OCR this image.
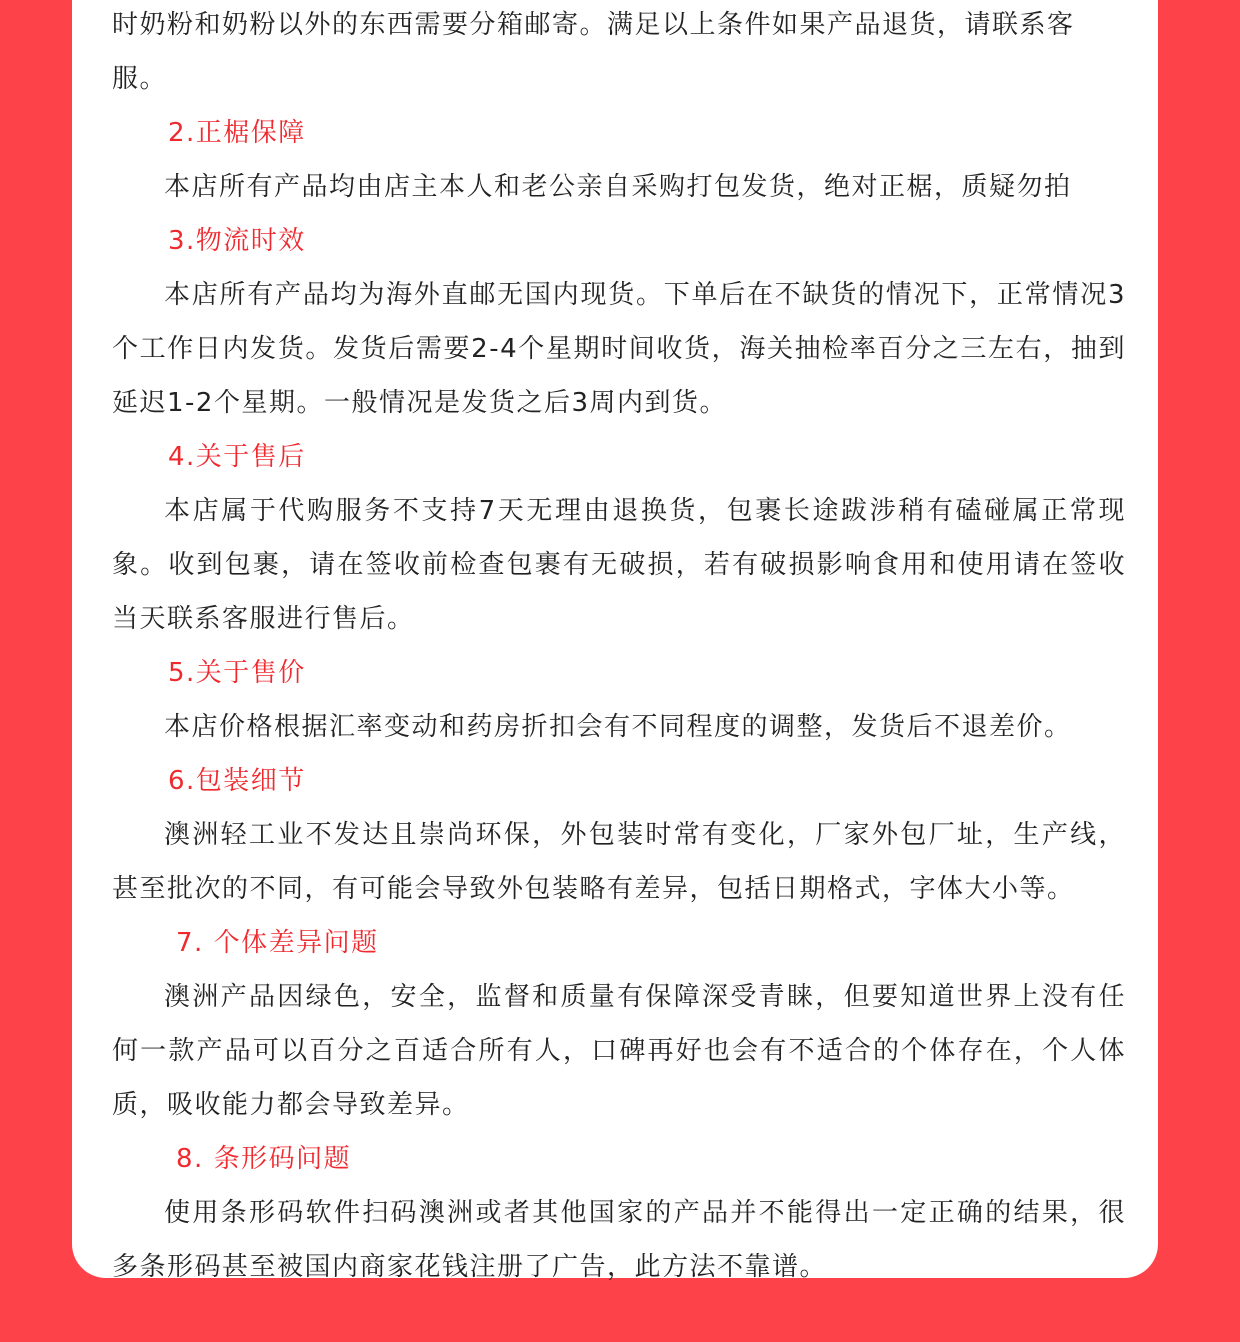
时奶粉和奶粉以外的东西需要分箱邮寄。满足以上条件如果产品退货，请联系客
服。

2.正椐保障

本店所有产品均由店主本人和老公亲自采购打包发货，绝对正椐，质疑勿拍

3.物流时效

本店所有产品均为海外直邮无国内现货。下单后在不缺货的情况下，正常情况3个工作日内发货。发货后需要2-4个星期时间收货，海关抽检率百分之三左右，抽到延迟1-2个星期。一般情况是发货之后3周内到货。

4.关于售后

本店属于代购服务不支持7天无理由退换货，包裹长途跋涉稍有磕碰属正常现象。收到包裹，请在签收前检查包裹有无破损，若有破损影响食用和使用请在签收当天联系客服进行售后。

5.关于售价

本店价格根据汇率变动和药房折扣会有不同程度的调整，发货后不退差价。

6.包装细节

澳洲轻工业不发达且崇尚环保，外包装时常有变化，厂家外包厂址，生产线，甚至批次的不同，有可能会导致外包装略有差异，包括日期格式，字体大小等。

7. 个体差异问题

澳洲产品因绿色，安全，监督和质量有保障深受青睐，但要知道世界上没有任何一款产品可以百分之百适合所有人，口碑再好也会有不适合的个体存在，个人体质，吸收能力都会导致差异。

8. 条形码问题

使用条形码软件扫码澳洲或者其他国家的产品并不能得出一定正确的结果，很多条形码甚至被国内商家花钱注册了广告，此方法不靠谱。
